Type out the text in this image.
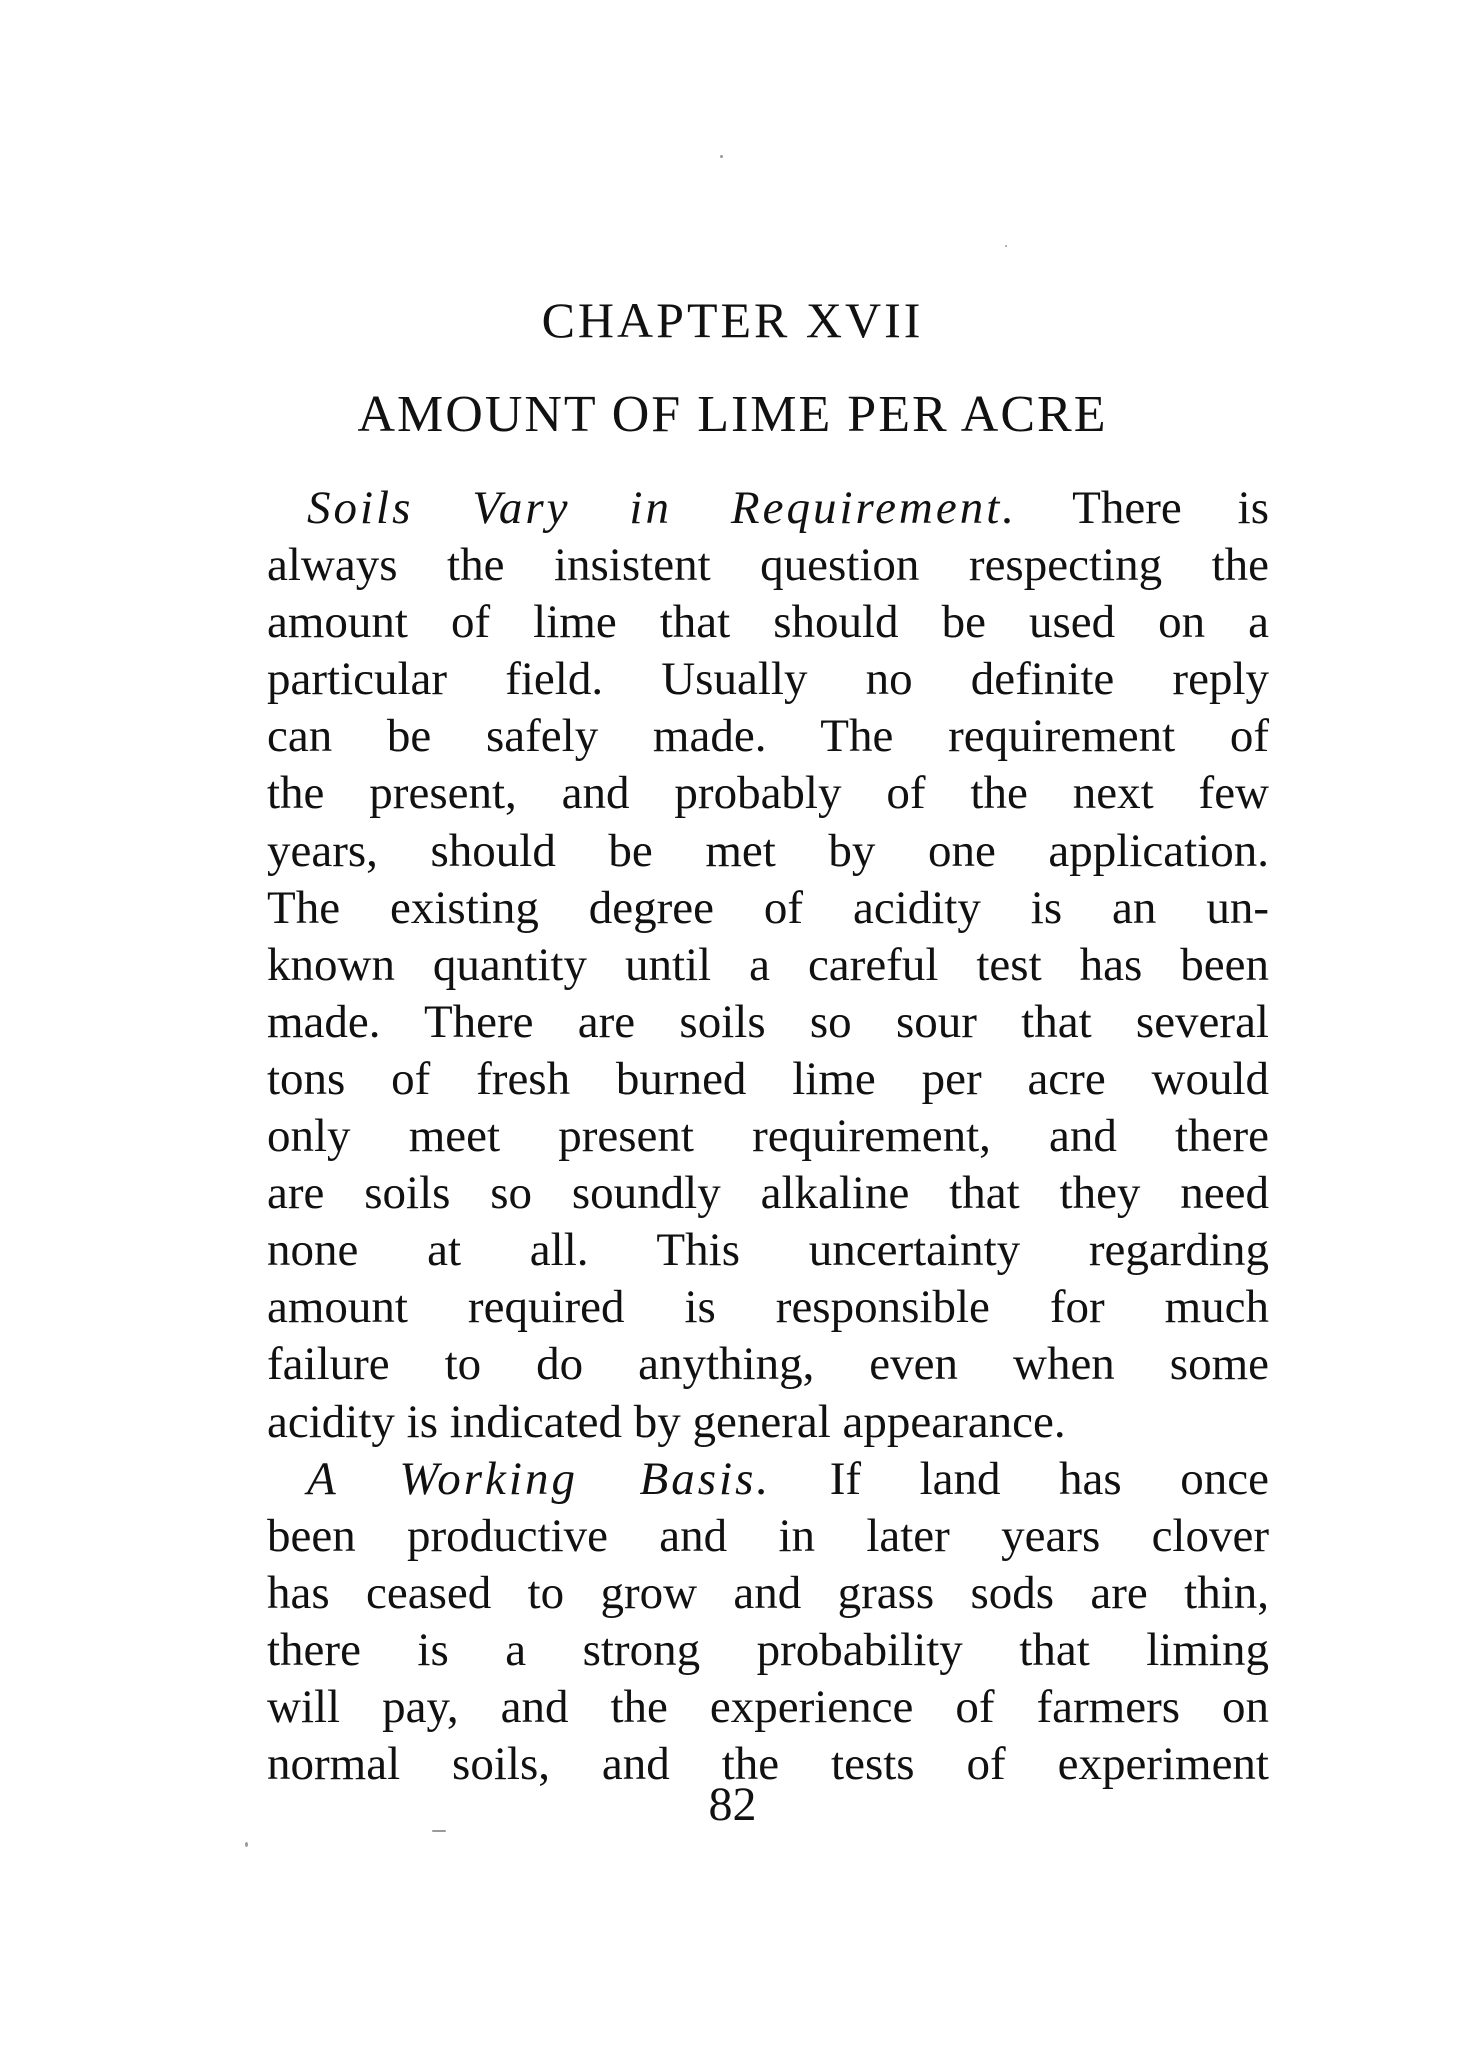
CHAPTER XVII
AMOUNT OF LIME PER ACRE
Soils Vary in Requirement. There is
always the insistent question respecting the
amount of lime that should be used on a
particular field. Usually no definite reply
can be safely made. The requirement of
the present, and probably of the next few
years, should be met by one application.
The existing degree of acidity is an un-
known quantity until a careful test has been
made. There are soils so sour that several
tons of fresh burned lime per acre would
only meet present requirement, and there
are soils so soundly alkaline that they need
none at all. This uncertainty regarding
amount required is responsible for much
failure to do anything, even when some
acidity is indicated by general appearance.
A Working Basis. If land has once
been productive and in later years clover
has ceased to grow and grass sods are thin,
there is a strong probability that liming
will pay, and the experience of farmers on
normal soils, and the tests of experiment
82
